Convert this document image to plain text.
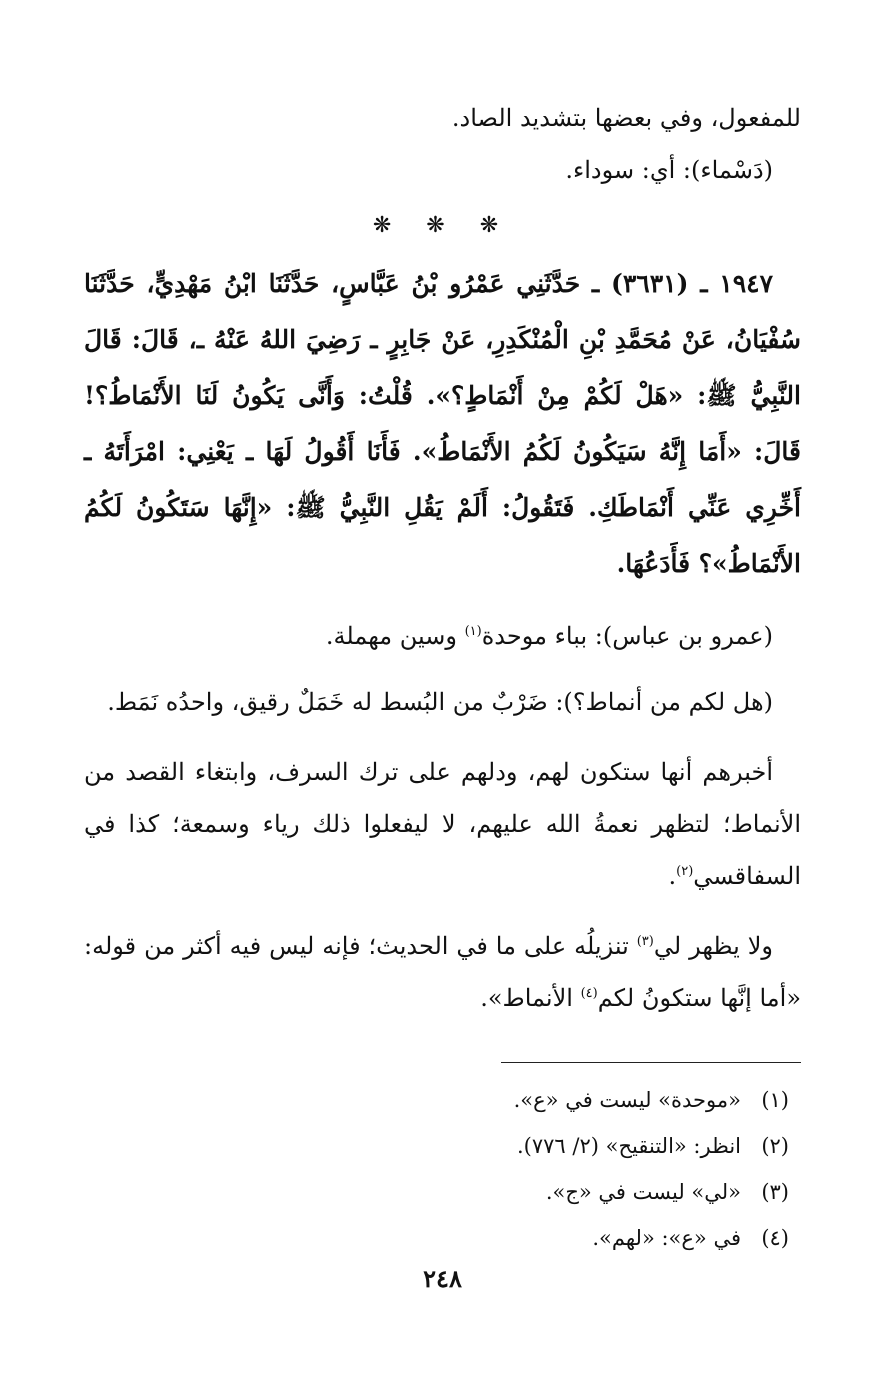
للمفعول، وفي بعضها بتشديد الصاد.

(دَسْماء): أي: سوداء.

❋ ❋ ❋

١٩٤٧ ـ (٣٦٣١) ـ حَدَّثَنِي عَمْرُو بْنُ عَبَّاسٍ، حَدَّثَنَا ابْنُ مَهْدِيٍّ، حَدَّثَنَا سُفْيَانُ، عَنْ مُحَمَّدِ بْنِ الْمُنْكَدِرِ، عَنْ جَابِرٍ ـ رَضِيَ اللهُ عَنْهُ ـ، قَالَ: قَالَ النَّبِيُّ ﷺ: «هَلْ لَكُمْ مِنْ أَنْمَاطٍ؟». قُلْتُ: وَأَنَّى يَكُونُ لَنَا الأَنْمَاطُ؟! قَالَ: «أَمَا إِنَّهُ سَيَكُونُ لَكُمُ الأَنْمَاطُ». فَأَنَا أَقُولُ لَهَا ـ يَعْنِي: امْرَأَتَهُ ـ أَخِّرِي عَنِّي أَنْمَاطَكِ. فَتَقُولُ: أَلَمْ يَقُلِ النَّبِيُّ ﷺ: «إِنَّهَا سَتَكُونُ لَكُمُ الأَنْمَاطُ»؟ فَأَدَعُهَا.

(عمرو بن عباس): بباء موحدة$^{(١)}$ وسين مهملة.

(هل لكم من أنماط؟): ضَرْبٌ من البُسط له خَمَلٌ رقيق، واحدُه نَمَط.

أخبرهم أنها ستكون لهم، ودلهم على ترك السرف، وابتغاء القصد من الأنماط؛ لتظهر نعمةُ الله عليهم، لا ليفعلوا ذلك رياء وسمعة؛ كذا في السفاقسي$^{(٢)}$.

ولا يظهر لي$^{(٣)}$ تنزيلُه على ما في الحديث؛ فإنه ليس فيه أكثر من قوله: «أما إنَّها ستكونُ لكم$^{(٤)}$ الأنماط».

(١)
«موحدة» ليست في «ع».
(٢)
انظر: «التنقيح» (٢/ ٧٧٦).
(٣)
«لي» ليست في «ج».
(٤)
في «ع»: «لهم».
٢٤٨
